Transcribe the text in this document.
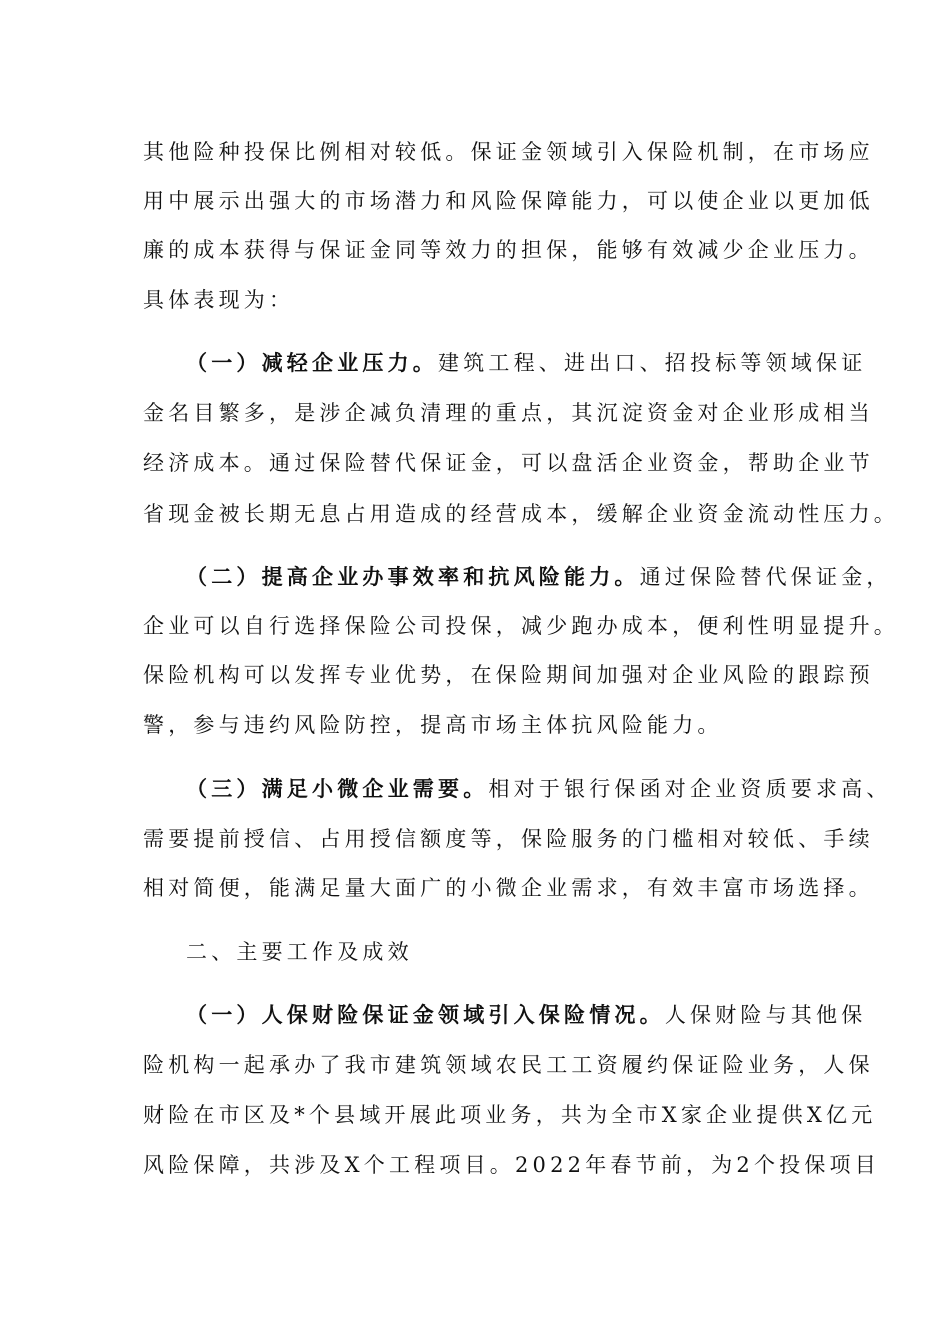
其他险种投保比例相对较低。保证金领域引入保险机制，在市场应
用中展示出强大的市场潜力和风险保障能力，可以使企业以更加低
廉的成本获得与保证金同等效力的担保，能够有效减少企业压力。
具体表现为：
（一）减轻企业压力。建筑工程、进出口、招投标等领域保证
金名目繁多，是涉企减负清理的重点，其沉淀资金对企业形成相当
经济成本。通过保险替代保证金，可以盘活企业资金，帮助企业节
省现金被长期无息占用造成的经营成本，缓解企业资金流动性压力。
（二）提高企业办事效率和抗风险能力。通过保险替代保证金，
企业可以自行选择保险公司投保，减少跑办成本，便利性明显提升。
保险机构可以发挥专业优势，在保险期间加强对企业风险的跟踪预
警，参与违约风险防控，提高市场主体抗风险能力。
（三）满足小微企业需要。相对于银行保函对企业资质要求高、
需要提前授信、占用授信额度等，保险服务的门槛相对较低、手续
相对简便，能满足量大面广的小微企业需求，有效丰富市场选择。
二、主要工作及成效
（一）人保财险保证金领域引入保险情况。人保财险与其他保
险机构一起承办了我市建筑领域农民工工资履约保证险业务，人保
财险在市区及*个县域开展此项业务，共为全市X家企业提供X亿元
风险保障，共涉及X个工程项目。2022年春节前，为2个投保项目
